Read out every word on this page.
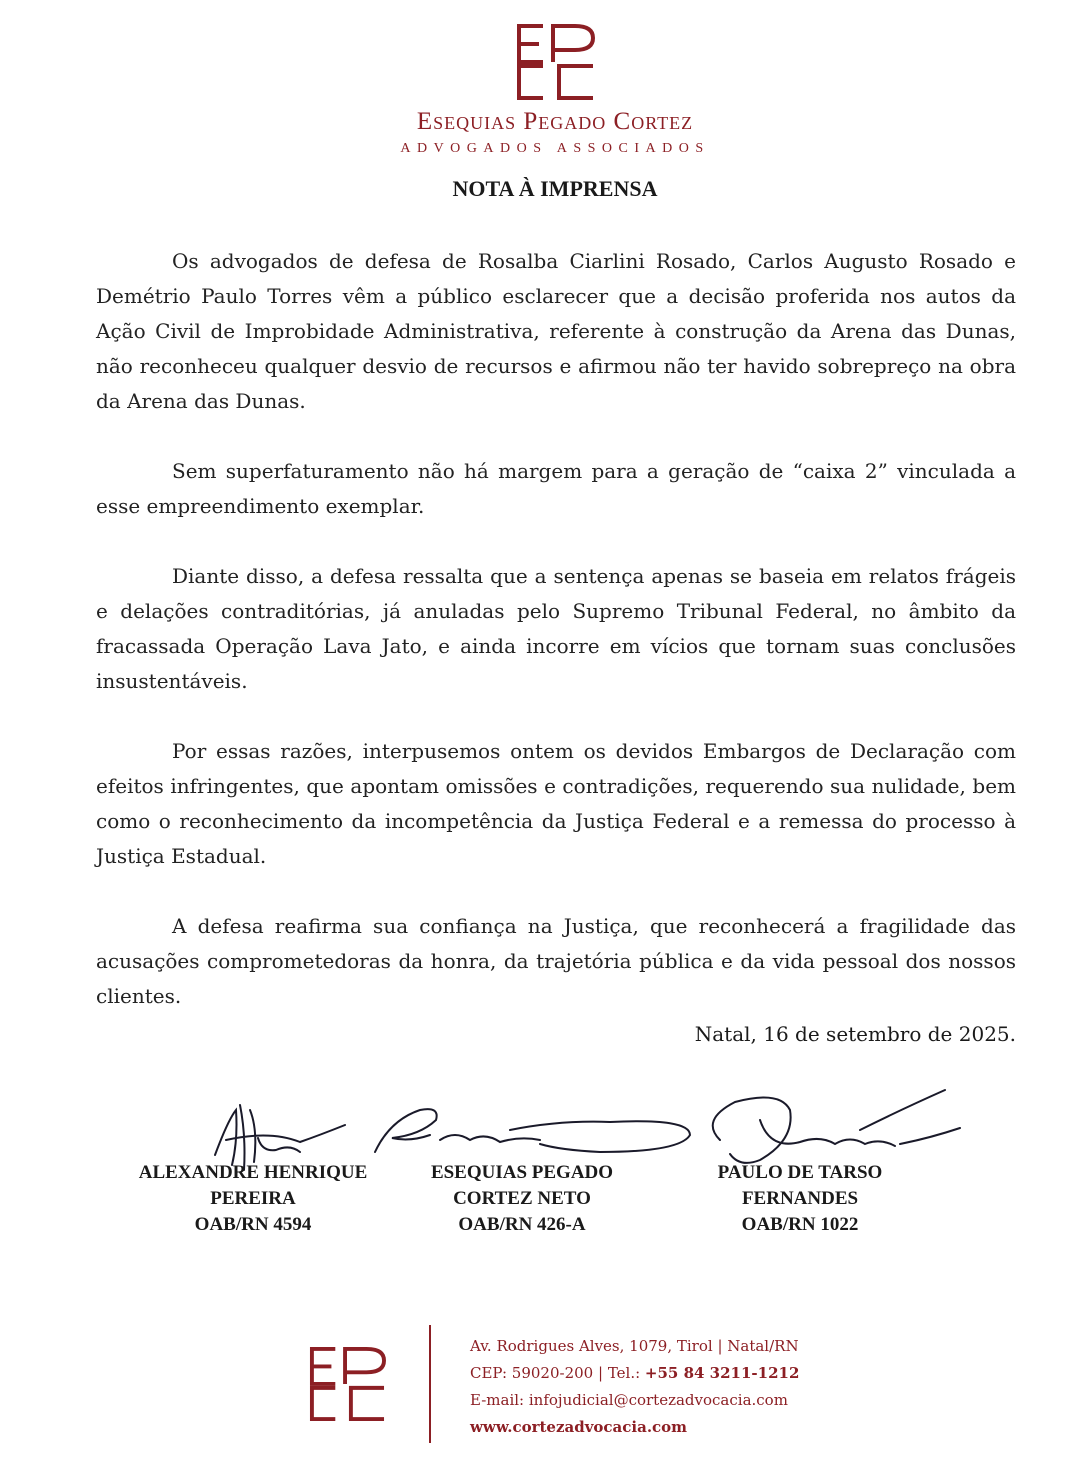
Esequias Pegado Cortez
ADVOGADOS ASSOCIADOS
NOTA À IMPRENSA

Os advogados de defesa de Rosalba Ciarlini Rosado, Carlos Augusto Rosado e Demétrio Paulo Torres vêm a público esclarecer que a decisão proferida nos autos da Ação Civil de Improbidade Administrativa, referente à construção da Arena das Dunas, não reconheceu qualquer desvio de recursos e afirmou não ter havido sobrepreço na obra da Arena das Dunas.

Sem superfaturamento não há margem para a geração de “caixa 2” vinculada a esse empreendimento exemplar.

Diante disso, a defesa ressalta que a sentença apenas se baseia em relatos frágeis e delações contraditórias, já anuladas pelo Supremo Tribunal Federal, no âmbito da fracassada Operação Lava Jato, e ainda incorre em vícios que tornam suas conclusões insustentáveis.

Por essas razões, interpusemos ontem os devidos Embargos de Declaração com efeitos infringentes, que apontam omissões e contradições, requerendo sua nulidade, bem como o reconhecimento da incompetência da Justiça Federal e a remessa do processo à Justiça Estadual.

A defesa reafirma sua confiança na Justiça, que reconhecerá a fragilidade das acusações comprometedoras da honra, da trajetória pública e da vida pessoal dos nossos clientes.

Natal, 16 de setembro de 2025.
ALEXANDRE HENRIQUE
PEREIRA
OAB/RN 4594
ESEQUIAS PEGADO
CORTEZ NETO
OAB/RN 426-A
PAULO DE TARSO
FERNANDES
OAB/RN 1022
Av. Rodrigues Alves, 1079, Tirol | Natal/RN
CEP: 59020-200 | Tel.: +55 84 3211-1212
E-mail: infojudicial@cortezadvocacia.com
www.cortezadvocacia.com
